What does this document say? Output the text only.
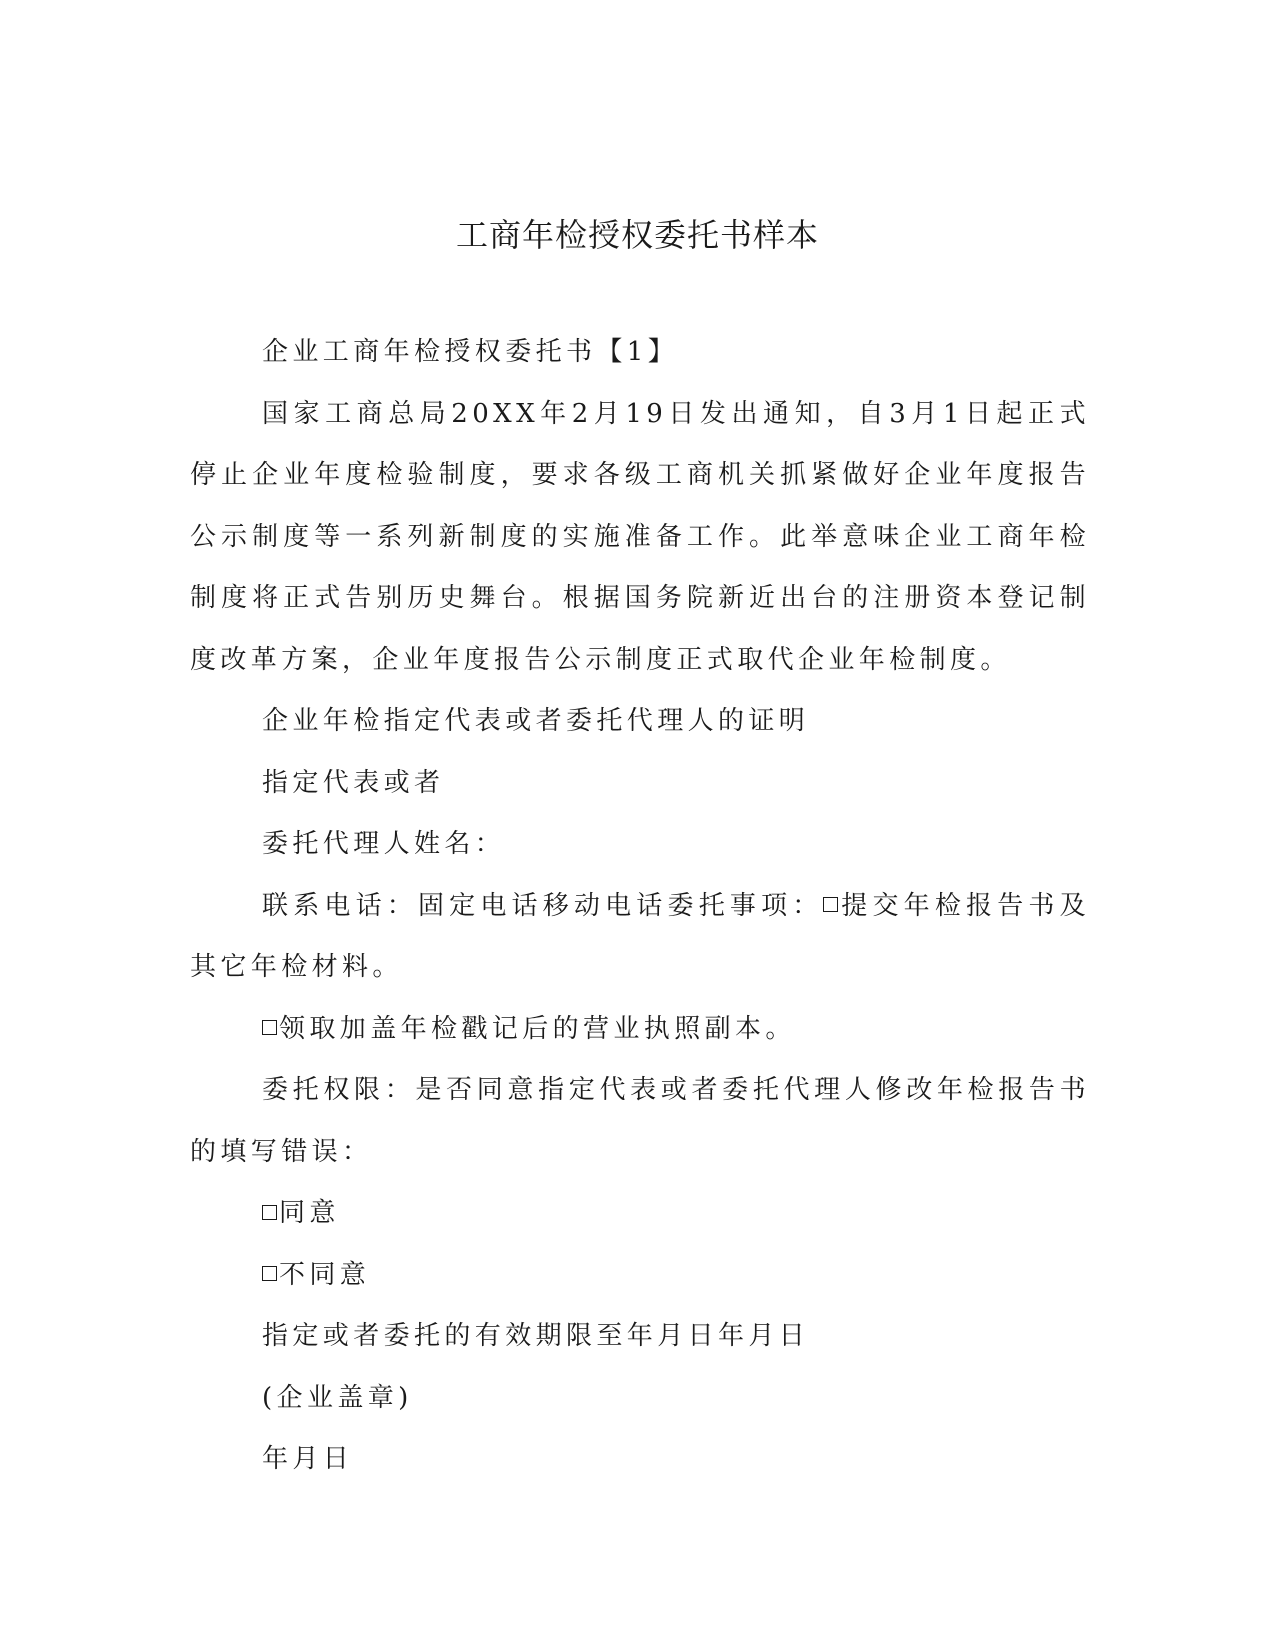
工商年检授权委托书样本

企业工商年检授权委托书【1】

国家工商总局20XX年2月19日发出通知，自3月1日起正式停止企业年度检验制度，要求各级工商机关抓紧做好企业年度报告公示制度等一系列新制度的实施准备工作。此举意味企业工商年检制度将正式告别历史舞台。根据国务院新近出台的注册资本登记制度改革方案，企业年度报告公示制度正式取代企业年检制度。

企业年检指定代表或者委托代理人的证明

指定代表或者

委托代理人姓名：

联系电话：固定电话移动电话委托事项： 提交年检报告书及其它年检材料。

领取加盖年检戳记后的营业执照副本。

委托权限：是否同意指定代表或者委托代理人修改年检报告书的填写错误：

同意

不同意

指定或者委托的有效期限至年月日年月日

(企业盖章)

年月日
